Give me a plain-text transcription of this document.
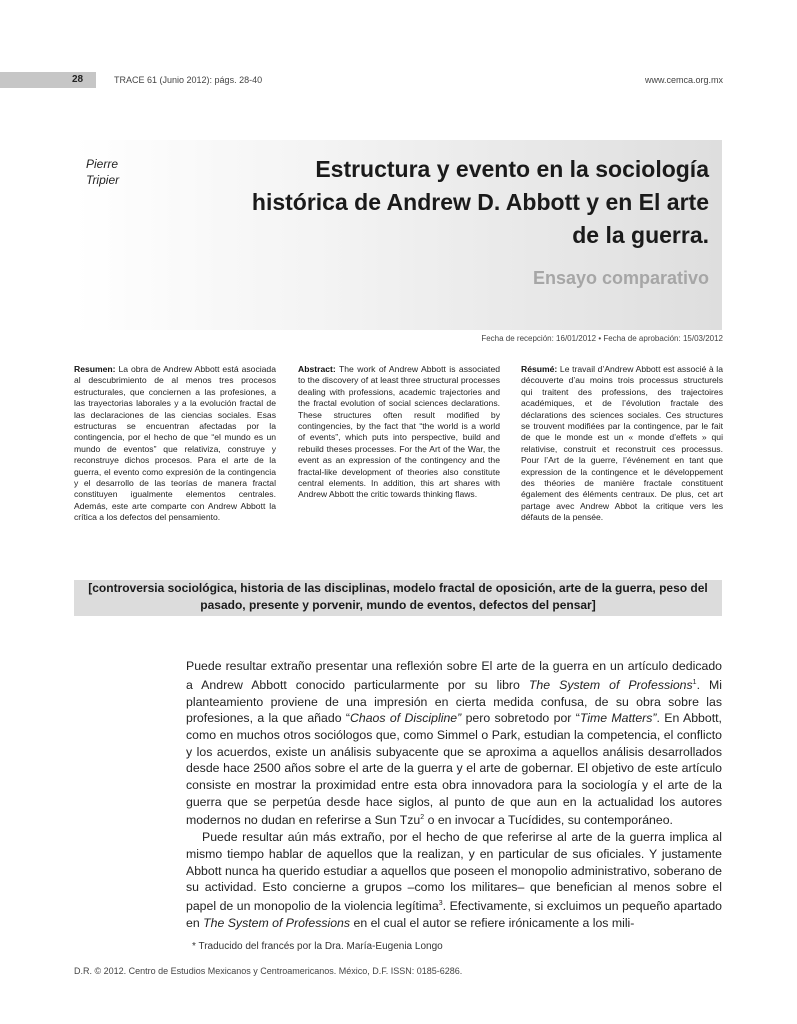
28	TRACE 61 (Junio 2012): págs. 28-40	www.cemca.org.mx
Pierre
Tripier	Estructura y evento en la sociología histórica de Andrew D. Abbott y en El arte de la guerra.
Ensayo comparativo
Fecha de recepción: 16/01/2012 • Fecha de aprobación: 15/03/2012

Resumen: La obra de Andrew Abbott está asociada al descubrimiento de al menos tres procesos estructurales, que conciernen a las profesiones, a las trayectorias laborales y a la evolución fractal de las declaraciones de las ciencias sociales. Esas estructuras se encuentran afectadas por la contingencia, por el hecho de que “el mundo es un mundo de eventos” que relativiza, construye y reconstruye dichos procesos. Para el arte de la guerra, el evento como expresión de la contingencia y el desarrollo de las teorías de manera fractal constituyen igualmente elementos centrales. Además, este arte comparte con Andrew Abbott la crítica a los defectos del pensamiento.

Abstract: The work of Andrew Abbott is associated to the discovery of at least three structural processes dealing with professions, academic trajectories and the fractal evolution of social sciences declarations. These structures often result modified by contingencies, by the fact that “the world is a world of events”, which puts into perspective, build and rebuild theses processes. For the Art of the War, the event as an expression of the contingency and the fractal-like development of theories also constitute central elements. In addition, this art shares with Andrew Abbott the critic towards thinking flaws.

Résumé: Le travail d’Andrew Abbott est associé à la découverte d’au moins trois processus structurels qui traitent des professions, des trajectoires académiques, et de l’évolution fractale des déclarations des sciences sociales. Ces structures se trouvent modifiées par la contingence, par le fait de que le monde est un « monde d’effets » qui relativise, construit et reconstruit ces processus. Pour l’Art de la guerre, l’événement en tant que expression de la contingence et le développement des théories de manière fractale constituent également des éléments centraux. De plus, cet art partage avec Andrew Abbot la critique vers les défauts de la pensée.

[controversia sociológica, historia de las disciplinas, modelo fractal de oposición, arte de la guerra, peso del pasado, presente y porvenir, mundo de eventos, defectos del pensar]

Puede resultar extraño presentar una reflexión sobre El arte de la guerra en un artículo dedicado a Andrew Abbott conocido particularmente por su libro The System of Professions$^1$. Mi planteamiento proviene de una impresión en cierta medida confusa, de su obra sobre las profesiones, a la que añado “Chaos of Discipline” pero sobretodo por “Time Matters”. En Abbott, como en muchos otros sociólogos que, como Simmel o Park, estudian la competencia, el conflicto y los acuerdos, existe un análisis subyacente que se aproxima a aquellos análisis desarrollados desde hace 2500 años sobre el arte de la guerra y el arte de gobernar. El objetivo de este artículo consiste en mostrar la proximidad entre esta obra innovadora para la sociología y el arte de la guerra que se perpetúa desde hace siglos, al punto de que aun en la actualidad los autores modernos no dudan en referirse a Sun Tzu$^2$ o en invocar a Tucídides, su contemporáneo.

Puede resultar aún más extraño, por el hecho de que referirse al arte de la guerra implica al mismo tiempo hablar de aquellos que la realizan, y en particular de sus oficiales. Y justamente Abbott nunca ha querido estudiar a aquellos que poseen el monopolio administrativo, soberano de su actividad. Esto concierne a grupos –como los militares– que benefician al menos sobre el papel de un monopolio de la violencia legítima$^3$. Efectivamente, si excluimos un pequeño apartado en The System of Professions en el cual el autor se refiere irónicamente a los mili-

* Traducido del francés por la Dra. María-Eugenia Longo
D.R. © 2012. Centro de Estudios Mexicanos y Centroamericanos. México, D.F. ISSN: 0185-6286.
